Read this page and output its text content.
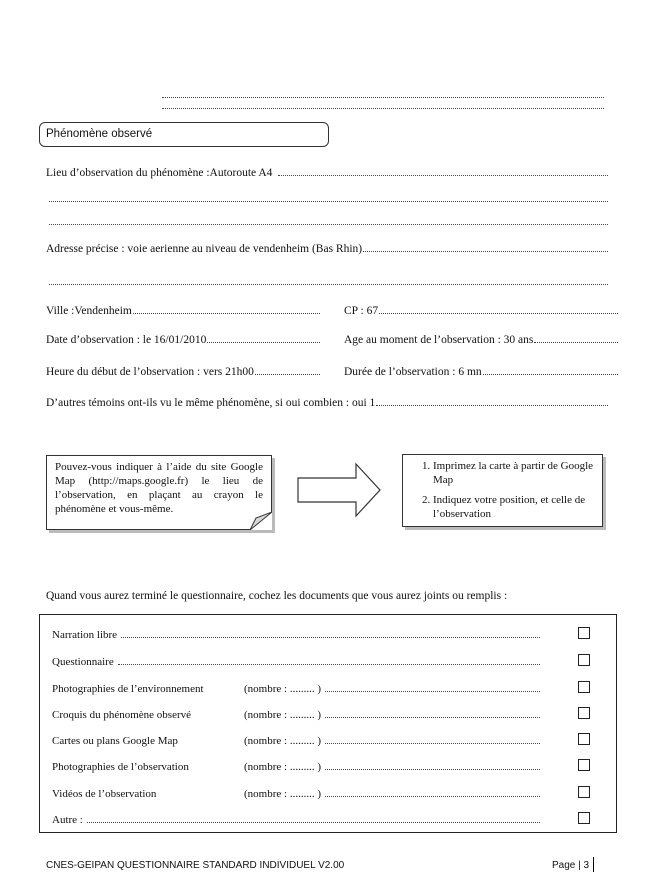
Phénomène observé
Lieu d’observation du phénomène :Autoroute A4
Adresse précise : voie aerienne au niveau de vendenheim (Bas Rhin)
Ville :Vendenheim	CP : 67
Date d’observation : le 16/01/2010	Age au moment de l’observation : 30 ans
Heure du début de l’observation : vers 21h00	Durée de l’observation : 6 mn
D’autres témoins ont-ils vu le même phénomène, si oui combien : oui 1
Pouvez-vous indiquer à l’aide du site Google Map (http://maps.google.fr) le lieu de l’observation, en plaçant au crayon le phénomène et vous-même.
1. Imprimez la carte à partir de Google Map
2. Indiquez votre position, et celle de l’observation
Quand vous aurez terminé le questionnaire, cochez les documents que vous aurez joints ou remplis :
Narration libre
Questionnaire
Photographies de l’environnement	(nombre : ......... )
Croquis du phénomène observé	(nombre : ......... )
Cartes ou plans Google Map	(nombre : ......... )
Photographies de l’observation	(nombre : ......... )
Vidéos de l’observation	(nombre : ......... )
Autre :
CNES-GEIPAN QUESTIONNAIRE STANDARD INDIVIDUEL V2.00	Page | 3
